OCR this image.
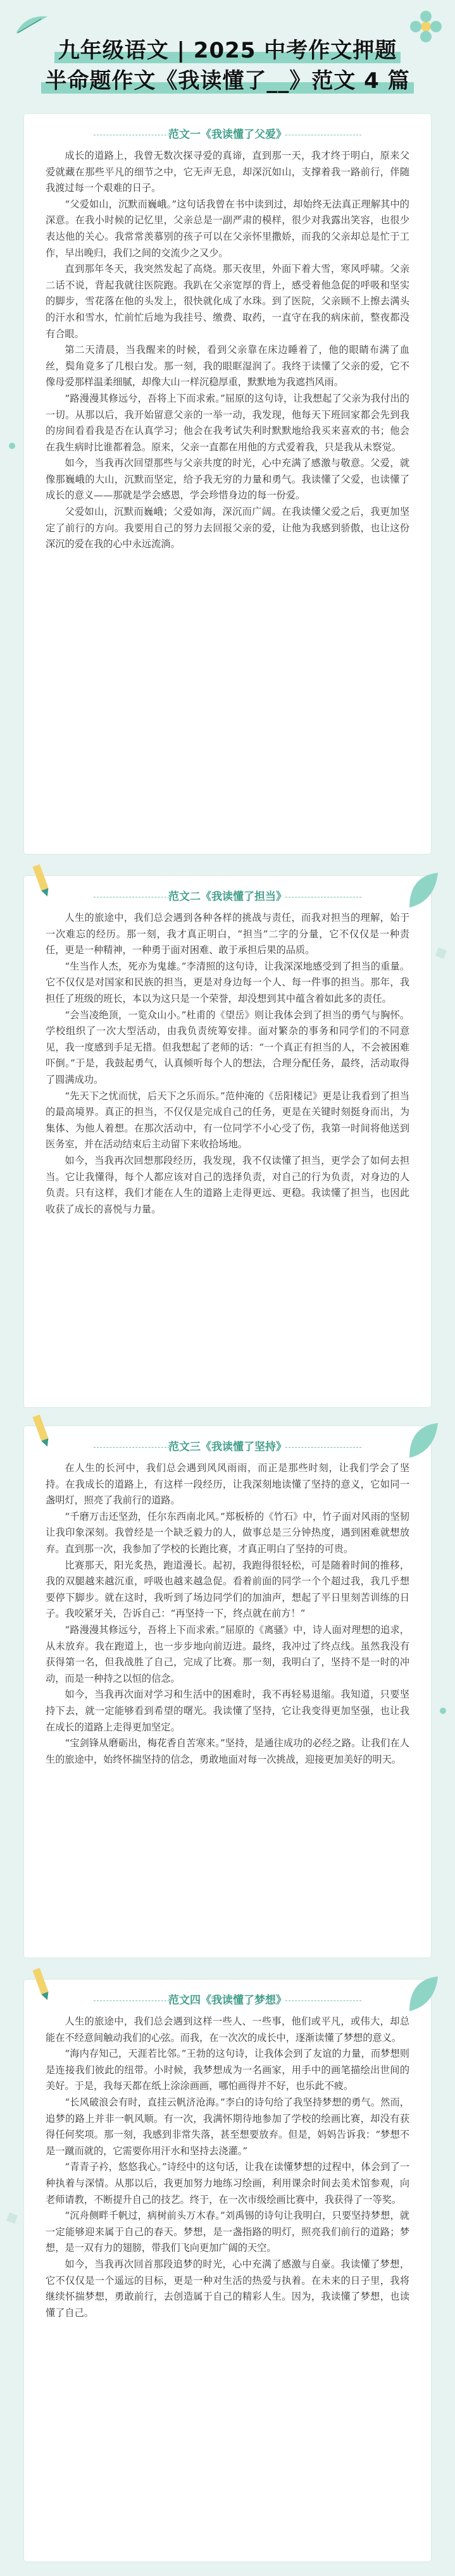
九年级语文 | 2025 中考作文押题
半命题作文《我读懂了__》范文 4 篇
范文一《我读懂了父爱》

成长的道路上，我曾无数次探寻爱的真谛，直到那一天，我才终于明白，原来父爱就藏在那些平凡的细节之中，它无声无息，却深沉如山，支撑着我一路前行，伴随我渡过每一个艰难的日子。

“父爱如山，沉默而巍峨。”这句话我曾在书中读到过，却始终无法真正理解其中的深意。在我小时候的记忆里，父亲总是一副严肃的模样，很少对我露出笑容，也很少表达他的关心。我常常羡慕别的孩子可以在父亲怀里撒娇，而我的父亲却总是忙于工作，早出晚归，我们之间的交流少之又少。

直到那年冬天，我突然发起了高烧。那天夜里，外面下着大雪，寒风呼啸。父亲二话不说，背起我就往医院跑。我趴在父亲宽厚的背上，感受着他急促的呼吸和坚实的脚步，雪花落在他的头发上，很快就化成了水珠。到了医院，父亲顾不上擦去满头的汗水和雪水，忙前忙后地为我挂号、缴费、取药，一直守在我的病床前，整夜都没有合眼。

第二天清晨，当我醒来的时候，看到父亲靠在床边睡着了，他的眼睛布满了血丝，鬓角竟多了几根白发。那一刻，我的眼眶湿润了。我终于读懂了父亲的爱，它不像母爱那样温柔细腻，却像大山一样沉稳厚重，默默地为我遮挡风雨。

“路漫漫其修远兮，吾将上下而求索。”屈原的这句诗，让我想起了父亲为我付出的一切。从那以后，我开始留意父亲的一举一动，我发现，他每天下班回家都会先到我的房间看看我是否在认真学习；他会在我考试失利时默默地给我买来喜欢的书；他会在我生病时比谁都着急。原来，父亲一直都在用他的方式爱着我，只是我从未察觉。

如今，当我再次回望那些与父亲共度的时光，心中充满了感激与敬意。父爱，就像那巍峨的大山，沉默而坚定，给予我无穷的力量和勇气。我读懂了父爱，也读懂了成长的意义——那就是学会感恩，学会珍惜身边的每一份爱。

父爱如山，沉默而巍峨；父爱如海，深沉而广阔。在我读懂父爱之后，我更加坚定了前行的方向。我要用自己的努力去回报父亲的爱，让他为我感到骄傲，也让这份深沉的爱在我的心中永远流淌。

范文二《我读懂了担当》

人生的旅途中，我们总会遇到各种各样的挑战与责任，而我对担当的理解，始于一次难忘的经历。那一刻，我才真正明白，“担当”二字的分量，它不仅仅是一种责任，更是一种精神，一种勇于面对困难、敢于承担后果的品质。

“生当作人杰，死亦为鬼雄。”李清照的这句诗，让我深深地感受到了担当的重量。它不仅仅是对国家和民族的担当，更是对身边每一个人、每一件事的担当。那年，我担任了班级的班长，本以为这只是一个荣誉，却没想到其中蕴含着如此多的责任。

“会当凌绝顶，一览众山小。”杜甫的《望岳》则让我体会到了担当的勇气与胸怀。学校组织了一次大型活动，由我负责统筹安排。面对繁杂的事务和同学们的不同意见，我一度感到手足无措。但我想起了老师的话：“一个真正有担当的人，不会被困难吓倒。”于是，我鼓起勇气，认真倾听每个人的想法，合理分配任务，最终，活动取得了圆满成功。

“先天下之忧而忧，后天下之乐而乐。”范仲淹的《岳阳楼记》更是让我看到了担当的最高境界。真正的担当，不仅仅是完成自己的任务，更是在关键时刻挺身而出，为集体、为他人着想。在那次活动中，有一位同学不小心受了伤，我第一时间将他送到医务室，并在活动结束后主动留下来收拾场地。

如今，当我再次回想那段经历，我发现，我不仅读懂了担当，更学会了如何去担当。它让我懂得，每个人都应该对自己的选择负责，对自己的行为负责，对身边的人负责。只有这样，我们才能在人生的道路上走得更远、更稳。我读懂了担当，也因此收获了成长的喜悦与力量。

范文三《我读懂了坚持》

在人生的长河中，我们总会遇到风风雨雨，而正是那些时刻，让我们学会了坚持。在我成长的道路上，有这样一段经历，让我深刻地读懂了坚持的意义，它如同一盏明灯，照亮了我前行的道路。

“千磨万击还坚劲，任尔东西南北风。”郑板桥的《竹石》中，竹子面对风雨的坚韧让我印象深刻。我曾经是一个缺乏毅力的人，做事总是三分钟热度，遇到困难就想放弃。直到那一次，我参加了学校的长跑比赛，才真正明白了坚持的可贵。

比赛那天，阳光炙热，跑道漫长。起初，我跑得很轻松，可是随着时间的推移，我的双腿越来越沉重，呼吸也越来越急促。看着前面的同学一个个超过我，我几乎想要停下脚步。就在这时，我听到了场边同学们的加油声，想起了平日里刻苦训练的日子。我咬紧牙关，告诉自己：“再坚持一下，终点就在前方！”

“路漫漫其修远兮，吾将上下而求索。”屈原的《离骚》中，诗人面对理想的追求，从未放弃。我在跑道上，也一步步地向前迈进。最终，我冲过了终点线。虽然我没有获得第一名，但我战胜了自己，完成了比赛。那一刻，我明白了，坚持不是一时的冲动，而是一种持之以恒的信念。

如今，当我再次面对学习和生活中的困难时，我不再轻易退缩。我知道，只要坚持下去，就一定能够看到希望的曙光。我读懂了坚持，它让我变得更加坚强，也让我在成长的道路上走得更加坚定。

“宝剑锋从磨砺出，梅花香自苦寒来。”坚持，是通往成功的必经之路。让我们在人生的旅途中，始终怀揣坚持的信念，勇敢地面对每一次挑战，迎接更加美好的明天。

范文四《我读懂了梦想》

人生的旅途中，我们总会遇到这样一些人、一些事，他们或平凡，或伟大，却总能在不经意间触动我们的心弦。而我，在一次次的成长中，逐渐读懂了梦想的意义。

“海内存知己，天涯若比邻。”王勃的这句诗，让我体会到了友谊的力量，而梦想则是连接我们彼此的纽带。小时候，我梦想成为一名画家，用手中的画笔描绘出世间的美好。于是，我每天都在纸上涂涂画画，哪怕画得并不好，也乐此不疲。

“长风破浪会有时，直挂云帆济沧海。”李白的诗句给了我坚持梦想的勇气。然而，追梦的路上并非一帆风顺。有一次，我满怀期待地参加了学校的绘画比赛，却没有获得任何奖项。那一刻，我感到非常失落，甚至想要放弃。但是，妈妈告诉我：“梦想不是一蹴而就的，它需要你用汗水和坚持去浇灌。”

“青青子衿，悠悠我心。”诗经中的这句话，让我在读懂梦想的过程中，体会到了一种执着与深情。从那以后，我更加努力地练习绘画，利用课余时间去美术馆参观，向老师请教，不断提升自己的技艺。终于，在一次市级绘画比赛中，我获得了一等奖。

“沉舟侧畔千帆过，病树前头万木春。”刘禹锡的诗句让我明白，只要坚持梦想，就一定能够迎来属于自己的春天。梦想，是一盏指路的明灯，照亮我们前行的道路；梦想，是一双有力的翅膀，带我们飞向更加广阔的天空。

如今，当我再次回首那段追梦的时光，心中充满了感激与自豪。我读懂了梦想，它不仅仅是一个遥远的目标，更是一种对生活的热爱与执着。在未来的日子里，我将继续怀揣梦想，勇敢前行，去创造属于自己的精彩人生。因为，我读懂了梦想，也读懂了自己。
